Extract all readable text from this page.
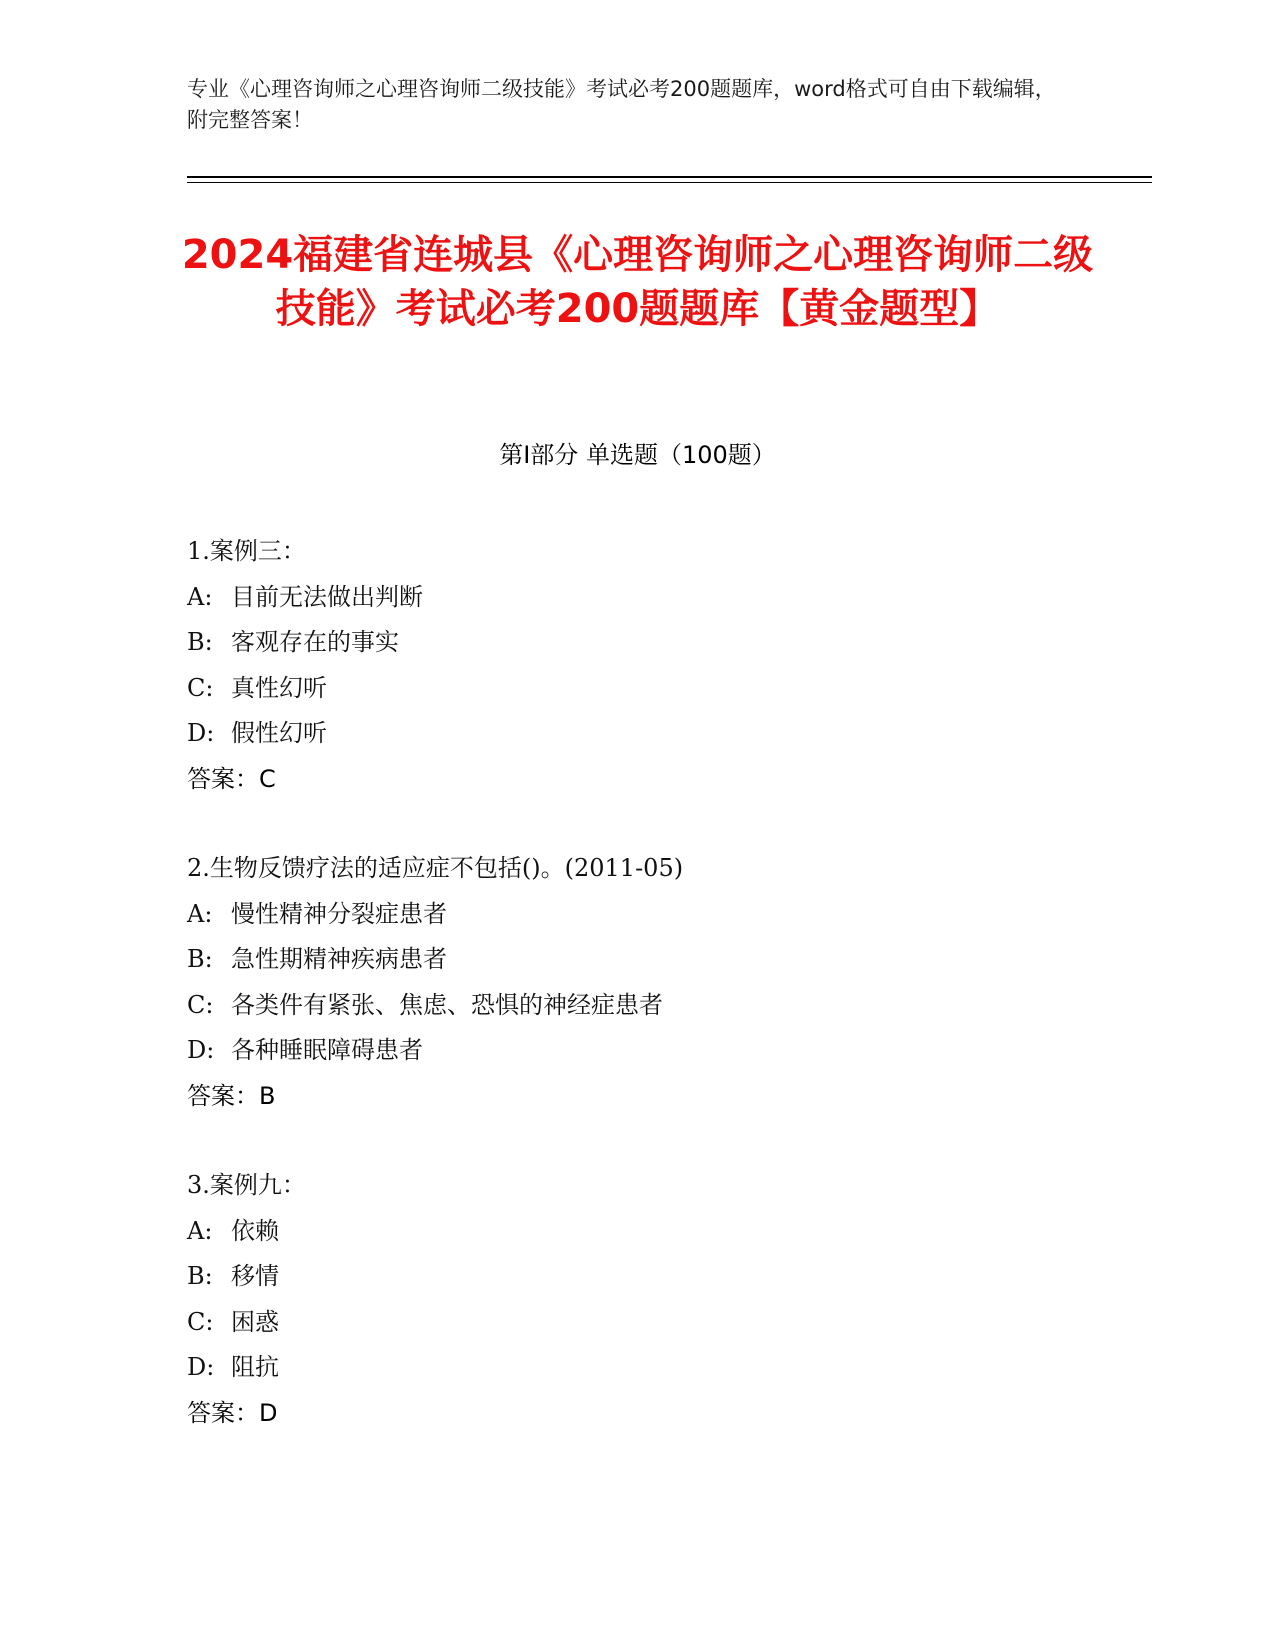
专业《心理咨询师之心理咨询师二级技能》考试必考200题题库，word格式可自由下载编辑，附完整答案！
2024福建省连城县《心理咨询师之心理咨询师二级技能》考试必考200题题库【黄金题型】
第Ⅰ部分 单选题（100题）
1.案例三：
A: 目前无法做出判断
B: 客观存在的事实
C: 真性幻听
D: 假性幻听
答案：C
2.生物反馈疗法的适应症不包括()。(2011-05)
A: 慢性精神分裂症患者
B: 急性期精神疾病患者
C: 各类件有紧张、焦虑、恐惧的神经症患者
D: 各种睡眠障碍患者
答案：B
3.案例九：
A: 依赖
B: 移情
C: 困惑
D: 阻抗
答案：D
